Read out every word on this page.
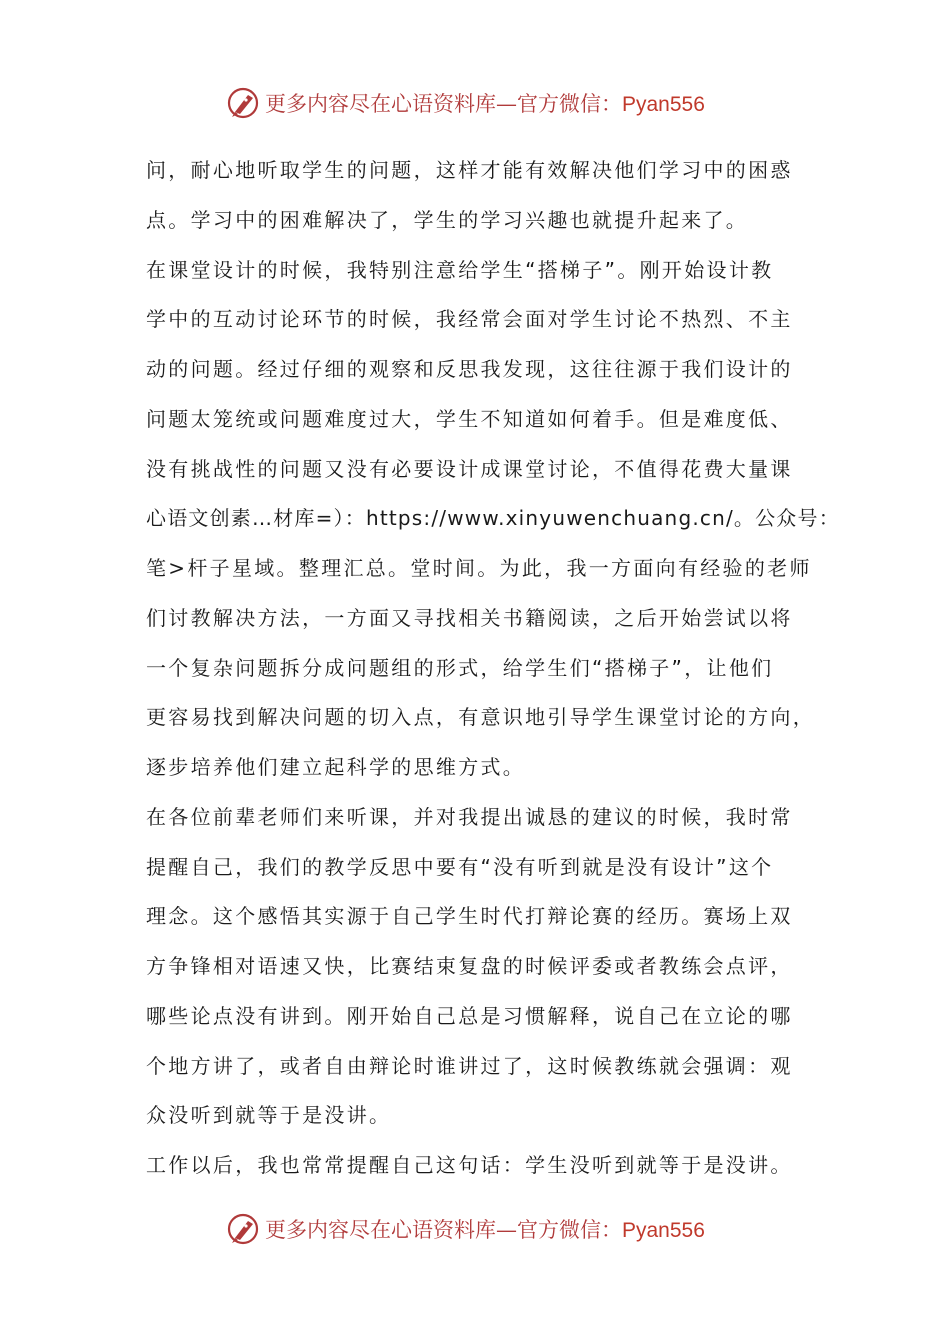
更多内容尽在心语资料库—官方微信：Pyan556
问，耐心地听取学生的问题，这样才能有效解决他们学习中的困惑
点。学习中的困难解决了，学生的学习兴趣也就提升起来了。
在课堂设计的时候，我特别注意给学生“搭梯子”。刚开始设计教
学中的互动讨论环节的时候，我经常会面对学生讨论不热烈、不主
动的问题。经过仔细的观察和反思我发现，这往往源于我们设计的
问题太笼统或问题难度过大，学生不知道如何着手。但是难度低、
没有挑战性的问题又没有必要设计成课堂讨论，不值得花费大量课
心语文创素…材库=）：https://www.xinyuwenchuang.cn/。公众号：
笔>杆子星域。整理汇总。堂时间。为此，我一方面向有经验的老师
们讨教解决方法，一方面又寻找相关书籍阅读，之后开始尝试以将
一个复杂问题拆分成问题组的形式，给学生们“搭梯子”，让他们
更容易找到解决问题的切入点，有意识地引导学生课堂讨论的方向，
逐步培养他们建立起科学的思维方式。
在各位前辈老师们来听课，并对我提出诚恳的建议的时候，我时常
提醒自己，我们的教学反思中要有“没有听到就是没有设计”这个
理念。这个感悟其实源于自己学生时代打辩论赛的经历。赛场上双
方争锋相对语速又快，比赛结束复盘的时候评委或者教练会点评，
哪些论点没有讲到。刚开始自己总是习惯解释，说自己在立论的哪
个地方讲了，或者自由辩论时谁讲过了，这时候教练就会强调：观
众没听到就等于是没讲。
工作以后，我也常常提醒自己这句话：学生没听到就等于是没讲。
更多内容尽在心语资料库—官方微信：Pyan556
